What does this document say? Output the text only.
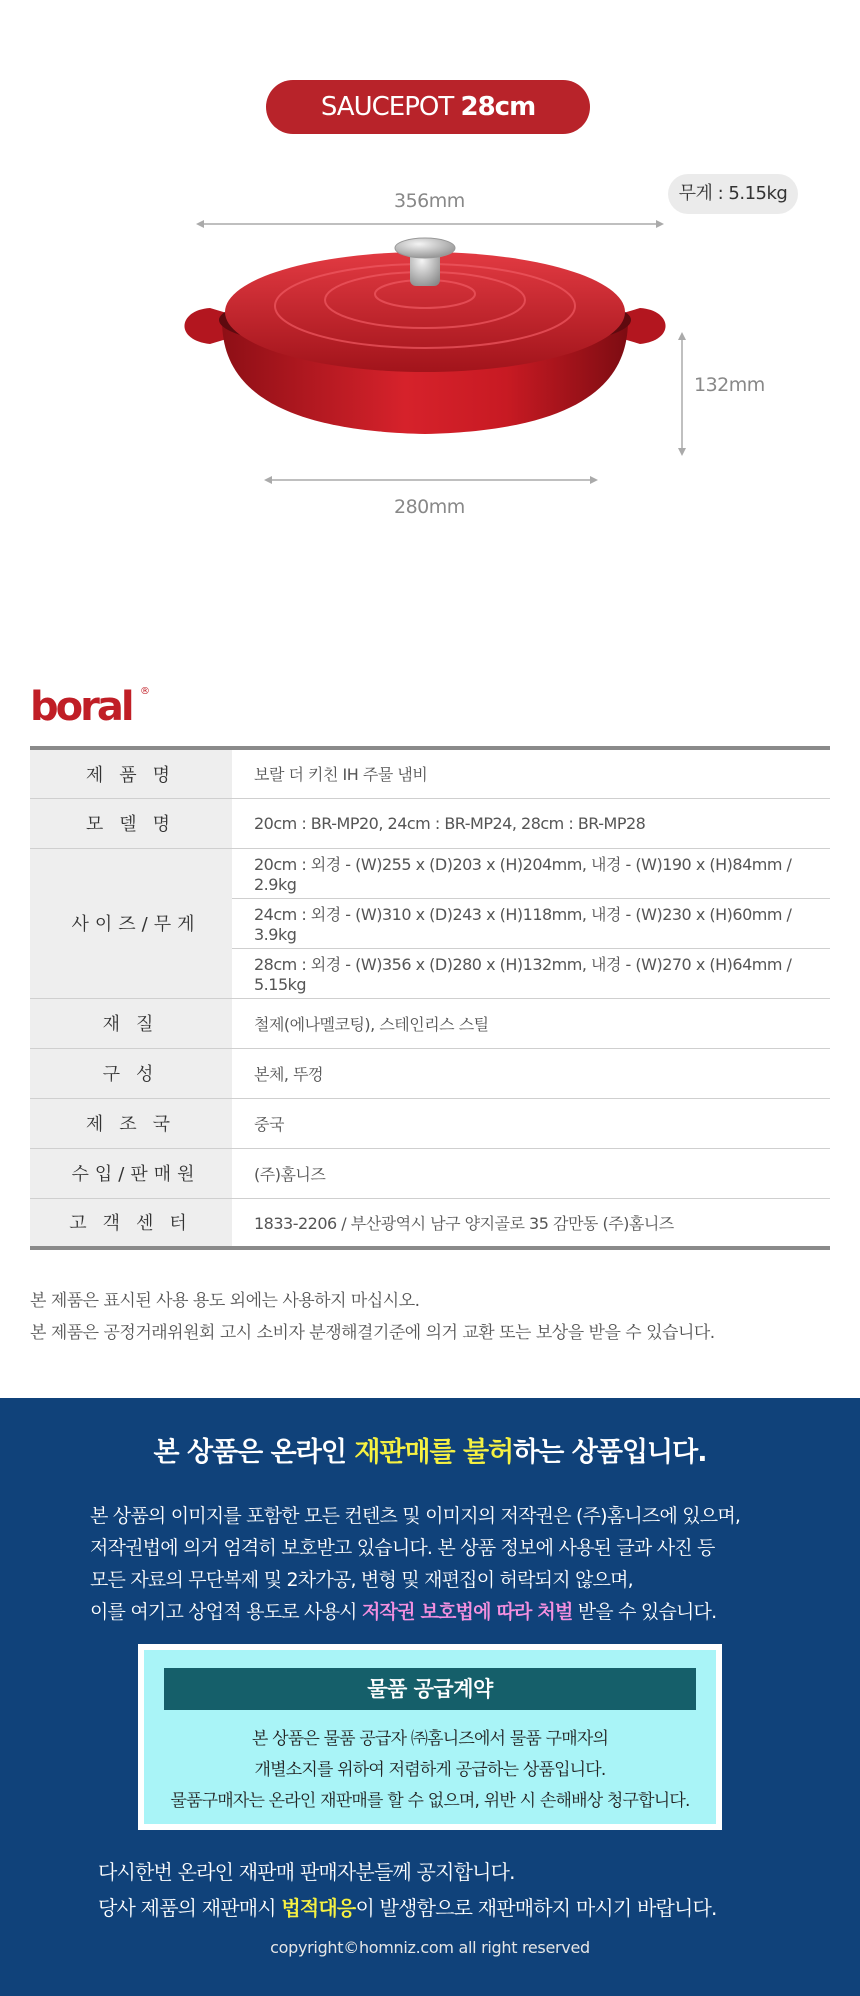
SAUCEPOT 28cm
무게 : 5.15kg
356mm
132mm
280mm
boral ®
제품명	보랄 더 키친 IH 주물 냄비
모델명	20cm : BR-MP20, 24cm : BR-MP24, 28cm : BR-MP28
사이즈/무게	20cm : 외경 - (W)255 x (D)203 x (H)204mm, 내경 - (W)190 x (H)84mm / 2.9kg
	24cm : 외경 - (W)310 x (D)243 x (H)118mm, 내경 - (W)230 x (H)60mm / 3.9kg
	28cm : 외경 - (W)356 x (D)280 x (H)132mm, 내경 - (W)270 x (H)64mm / 5.15kg
재질	철제(에나멜코팅), 스테인리스 스틸
구성	본체, 뚜껑
제조국	중국
수입/판매원	(주)홈니즈
고객센터	1833-2206 / 부산광역시 남구 양지골로 35 감만동 (주)홈니즈
본 제품은 표시된 사용 용도 외에는 사용하지 마십시오.
본 제품은 공정거래위원회 고시 소비자 분쟁해결기준에 의거 교환 또는 보상을 받을 수 있습니다.
본 상품은 온라인 재판매를 불허하는 상품입니다.
본 상품의 이미지를 포함한 모든 컨텐츠 및 이미지의 저작권은 (주)홈니즈에 있으며,
저작권법에 의거 엄격히 보호받고 있습니다. 본 상품 정보에 사용된 글과 사진 등
모든 자료의 무단복제 및 2차가공, 변형 및 재편집이 허락되지 않으며,
이를 여기고 상업적 용도로 사용시 저작권 보호법에 따라 처벌 받을 수 있습니다.
물품 공급계약
본 상품은 물품 공급자 ㈜홈니즈에서 물품 구매자의
개별소지를 위하여 저렴하게 공급하는 상품입니다.
물품구매자는 온라인 재판매를 할 수 없으며, 위반 시 손해배상 청구합니다.
다시한번 온라인 재판매 판매자분들께 공지합니다.
당사 제품의 재판매시 법적대응이 발생함으로 재판매하지 마시기 바랍니다.
copyright©homniz.com all right reserved
